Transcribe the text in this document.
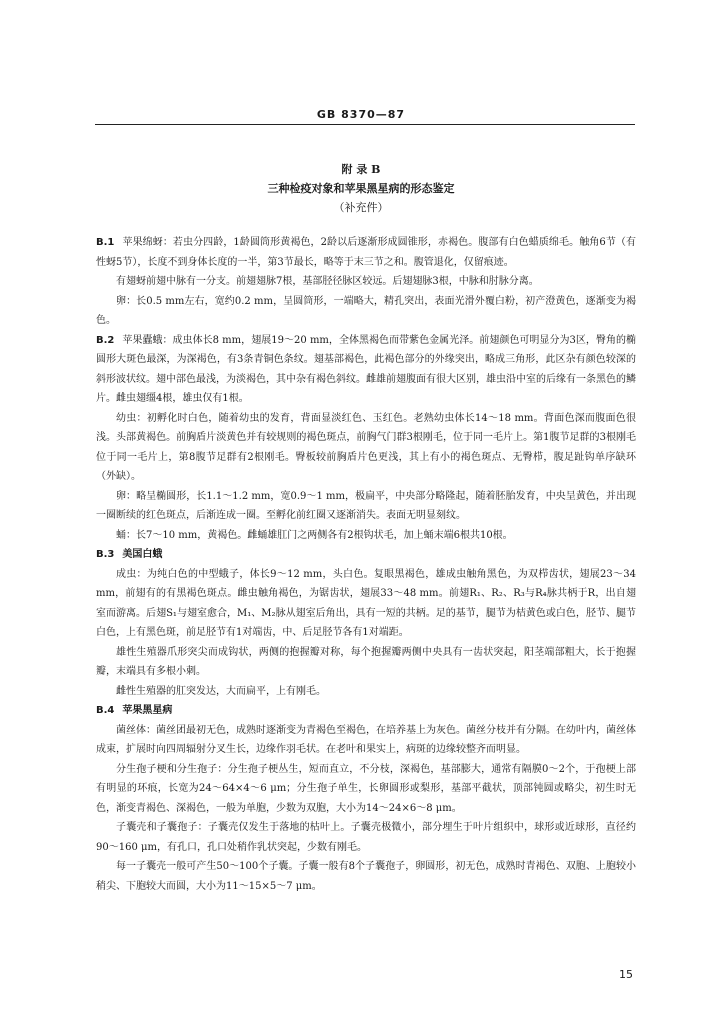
GB 8370—87
附 录 B
三种检疫对象和苹果黑星病的形态鉴定
（补充件）

B.1 苹果绵蚜：若虫分四龄，1龄圆筒形黄褐色，2龄以后逐渐形成圆锥形，赤褐色。腹部有白色蜡质绵毛。触角6节（有性蚜5节），长度不到身体长度的一半，第3节最长，略等于末三节之和。腹管退化，仅留痕迹。

有翅蚜前翅中脉有一分支。前翅翅脉7根，基部胫径脉区较远。后翅翅脉3根，中脉和肘脉分离。

卵：长0.5 mm左右，宽约0.2 mm，呈圆筒形，一端略大，精孔突出，表面光滑外覆白粉，初产澄黄色，逐渐变为褐色。

B.2 苹果蠹蛾：成虫体长8 mm，翅展19～20 mm，全体黑褐色而带紫色金属光泽。前翅颜色可明显分为3区，臀角的椭圆形大斑色最深，为深褐色，有3条青铜色条纹。翅基部褐色，此褐色部分的外缘突出，略成三角形，此区杂有颜色较深的斜形波状纹。翅中部色最浅，为淡褐色，其中杂有褐色斜纹。雌雄前翅腹面有很大区别，雄虫沿中室的后缘有一条黑色的鳞片。雌虫翅缰4根，雄虫仅有1根。

幼虫：初孵化时白色，随着幼虫的发育，背面显淡红色、玉红色。老熟幼虫体长14～18 mm。背面色深而腹面色很浅。头部黄褐色。前胸盾片淡黄色并有较规则的褐色斑点，前胸气门群3根刚毛，位于同一毛片上。第1腹节足群的3根刚毛位于同一毛片上，第8腹节足群有2根刚毛。臀板较前胸盾片色更浅，其上有小的褐色斑点、无臀栉，腹足趾钩单序缺环（外缺）。

卵：略呈椭圆形，长1.1～1.2 mm，宽0.9～1 mm，极扁平，中央部分略隆起，随着胚胎发育，中央呈黄色，并出现一圈断续的红色斑点，后渐连成一圈。至孵化前红圈又逐渐消失。表面无明显刻纹。

蛹：长7～10 mm，黄褐色。雌蛹雄肛门之两侧各有2根钩状毛，加上蛹末端6根共10根。

B.3 美国白蛾

成虫：为纯白色的中型蛾子，体长9～12 mm，头白色。复眼黑褐色，雄成虫触角黑色，为双栉齿状，翅展23～34 mm，前翅有的有黑褐色斑点。雌虫触角褐色，为锯齿状，翅展33～48 mm。前翅R₁、R₂、R₃与R₄脉共柄于R，出自翅室而游离。后翅S₁与翅室愈合，M₁、M₂脉从翅室后角出，具有一短的共柄。足的基节，腿节为桔黄色或白色，胫节、腿节白色，上有黑色斑，前足胫节有1对端齿，中、后足胫节各有1对端距。

雄性生殖器爪形突尖而成钩状，两侧的抱握瓣对称，每个抱握瓣两侧中央具有一齿状突起，阳茎端部粗大，长于抱握瓣，末端具有多根小刺。

雌性生殖器的肛突发达，大而扁平，上有刚毛。

B.4 苹果黑星病

菌丝体：菌丝团最初无色，成熟时逐渐变为青褐色至褐色，在培养基上为灰色。菌丝分枝并有分隔。在幼叶内，菌丝体成束，扩展时向四周辐射分叉生长，边缘作羽毛状。在老叶和果实上，病斑的边缘较整齐而明显。

分生孢子梗和分生孢子：分生孢子梗丛生，短而直立，不分枝，深褐色，基部膨大，通常有隔膜0～2个，于孢梗上部有明显的环痕，长宽为24～64×4～6 μm；分生孢子单生，长卵圆形或梨形，基部平截状，顶部钝圆或略尖，初生时无色，渐变青褐色、深褐色，一般为单胞，少数为双胞，大小为14～24×6～8 μm。

子囊壳和子囊孢子：子囊壳仅发生于落地的枯叶上。子囊壳极微小，部分埋生于叶片组织中，球形或近球形，直径约90～160 μm，有孔口，孔口处稍作乳状突起，少数有刚毛。

每一子囊壳一般可产生50～100个子囊。子囊一般有8个子囊孢子，卵圆形，初无色，成熟时青褐色、双胞、上胞较小稍尖、下胞较大而圆，大小为11～15×5～7 μm。

15
